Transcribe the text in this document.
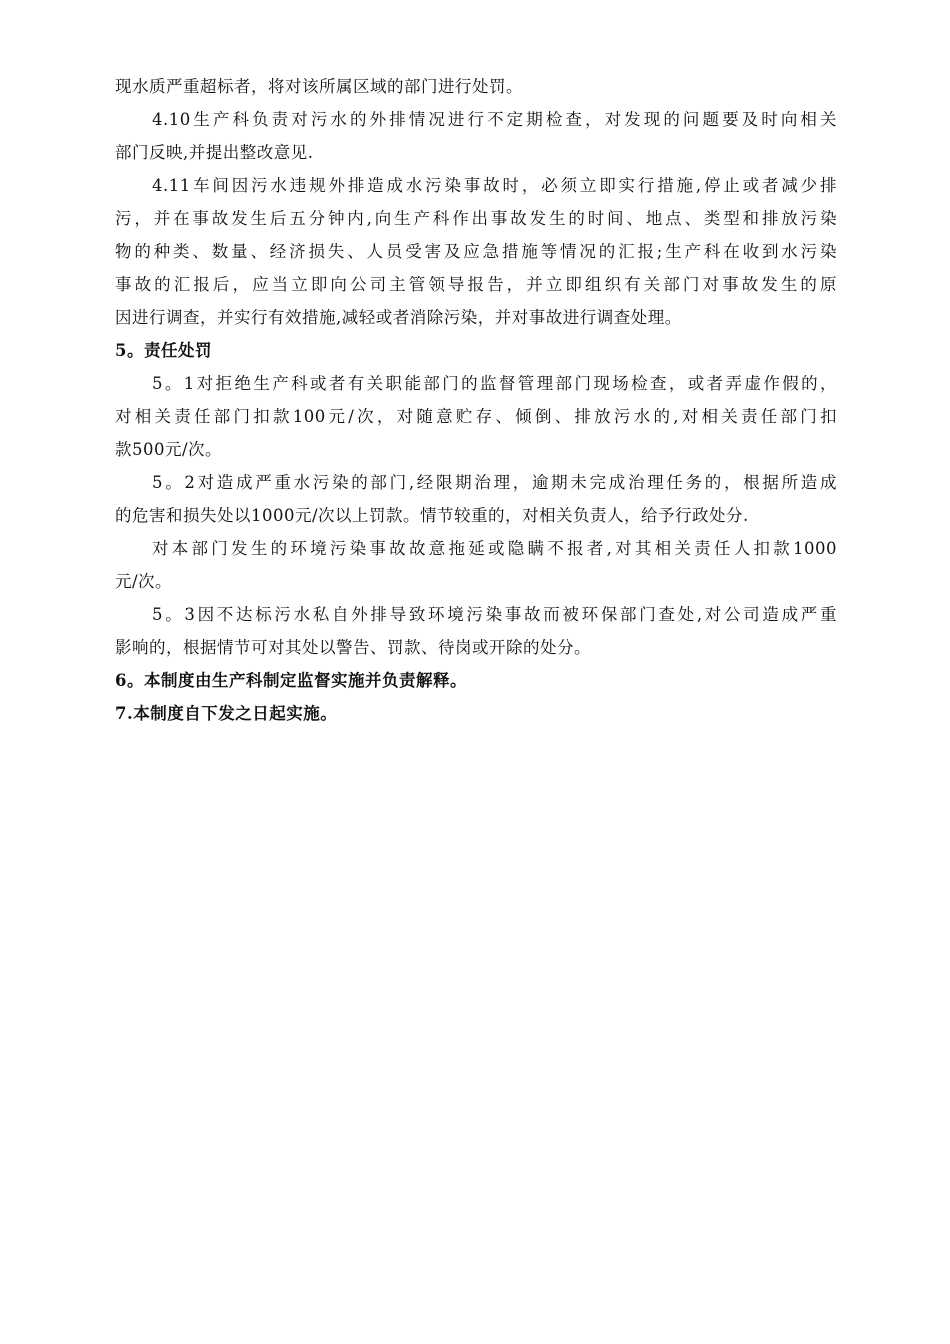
现水质严重超标者，将对该所属区域的部门进行处罚。
4.10生产科负责对污水的外排情况进行不定期检查，对发现的问题要及时向相关
部门反映,并提出整改意见.
4.11车间因污水违规外排造成水污染事故时，必须立即实行措施,停止或者减少排
污，并在事故发生后五分钟内,向生产科作出事故发生的时间、地点、类型和排放污染
物的种类、数量、经济损失、人员受害及应急措施等情况的汇报;生产科在收到水污染
事故的汇报后，应当立即向公司主管领导报告，并立即组织有关部门对事故发生的原
因进行调查，并实行有效措施,减轻或者消除污染，并对事故进行调查处理。
5。责任处罚
5。1对拒绝生产科或者有关职能部门的监督管理部门现场检查，或者弄虚作假的，
对相关责任部门扣款100元/次，对随意贮存、倾倒、排放污水的,对相关责任部门扣
款500元/次。
5。2对造成严重水污染的部门,经限期治理，逾期未完成治理任务的，根据所造成
的危害和损失处以1000元/次以上罚款。情节较重的，对相关负责人，给予行政处分.
对本部门发生的环境污染事故故意拖延或隐瞒不报者,对其相关责任人扣款1000
元/次。
5。3因不达标污水私自外排导致环境污染事故而被环保部门查处,对公司造成严重
影响的，根据情节可对其处以警告、罚款、待岗或开除的处分。
6。本制度由生产科制定监督实施并负责解释。
7.本制度自下发之日起实施。
